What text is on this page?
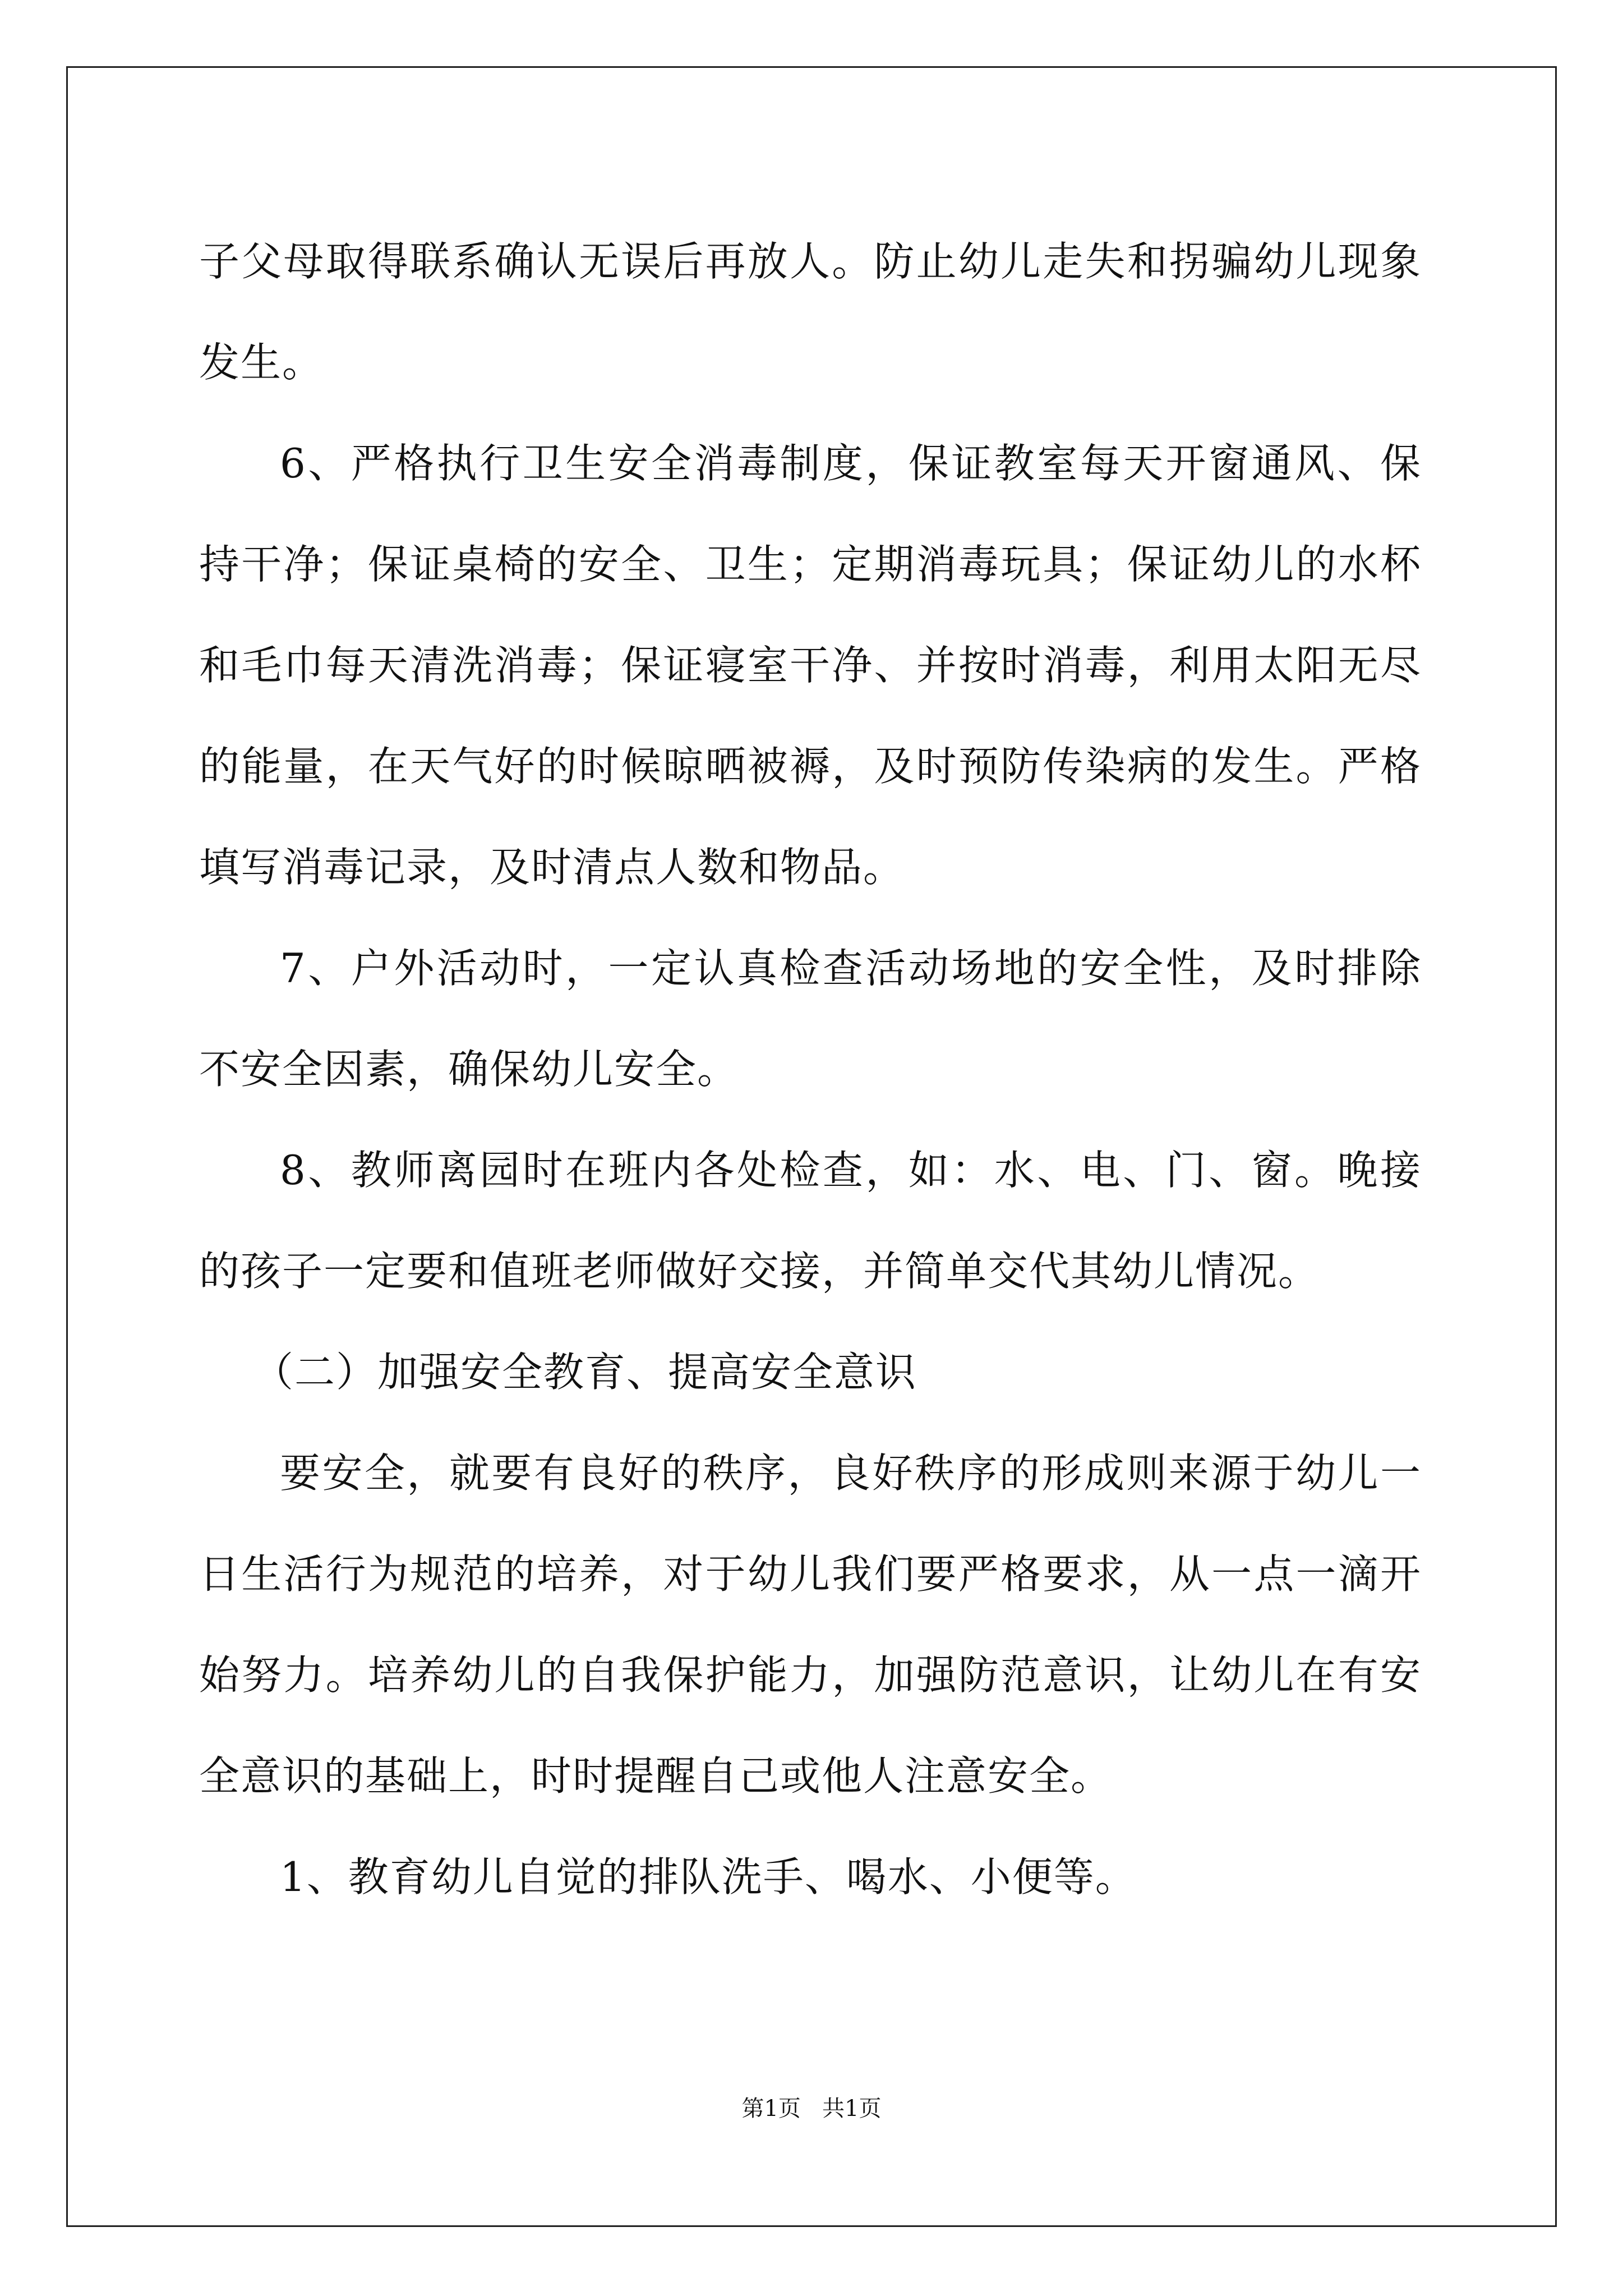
子父母取得联系确认无误后再放人。防止幼儿走失和拐骗幼儿现象发生。

6、严格执行卫生安全消毒制度，保证教室每天开窗通风、保持干净；保证桌椅的安全、卫生；定期消毒玩具；保证幼儿的水杯和毛巾每天清洗消毒；保证寝室干净、并按时消毒，利用太阳无尽的能量，在天气好的时候晾晒被褥，及时预防传染病的发生。严格填写消毒记录，及时清点人数和物品。

7、户外活动时，一定认真检查活动场地的安全性，及时排除不安全因素，确保幼儿安全。

8、教师离园时在班内各处检查，如：水、电、门、窗。晚接的孩子一定要和值班老师做好交接，并简单交代其幼儿情况。

（二）加强安全教育、提高安全意识

要安全，就要有良好的秩序，良好秩序的形成则来源于幼儿一日生活行为规范的培养，对于幼儿我们要严格要求，从一点一滴开始努力。培养幼儿的自我保护能力，加强防范意识，让幼儿在有安全意识的基础上，时时提醒自己或他人注意安全。

1、教育幼儿自觉的排队洗手、喝水、小便等。

第1页   共1页
